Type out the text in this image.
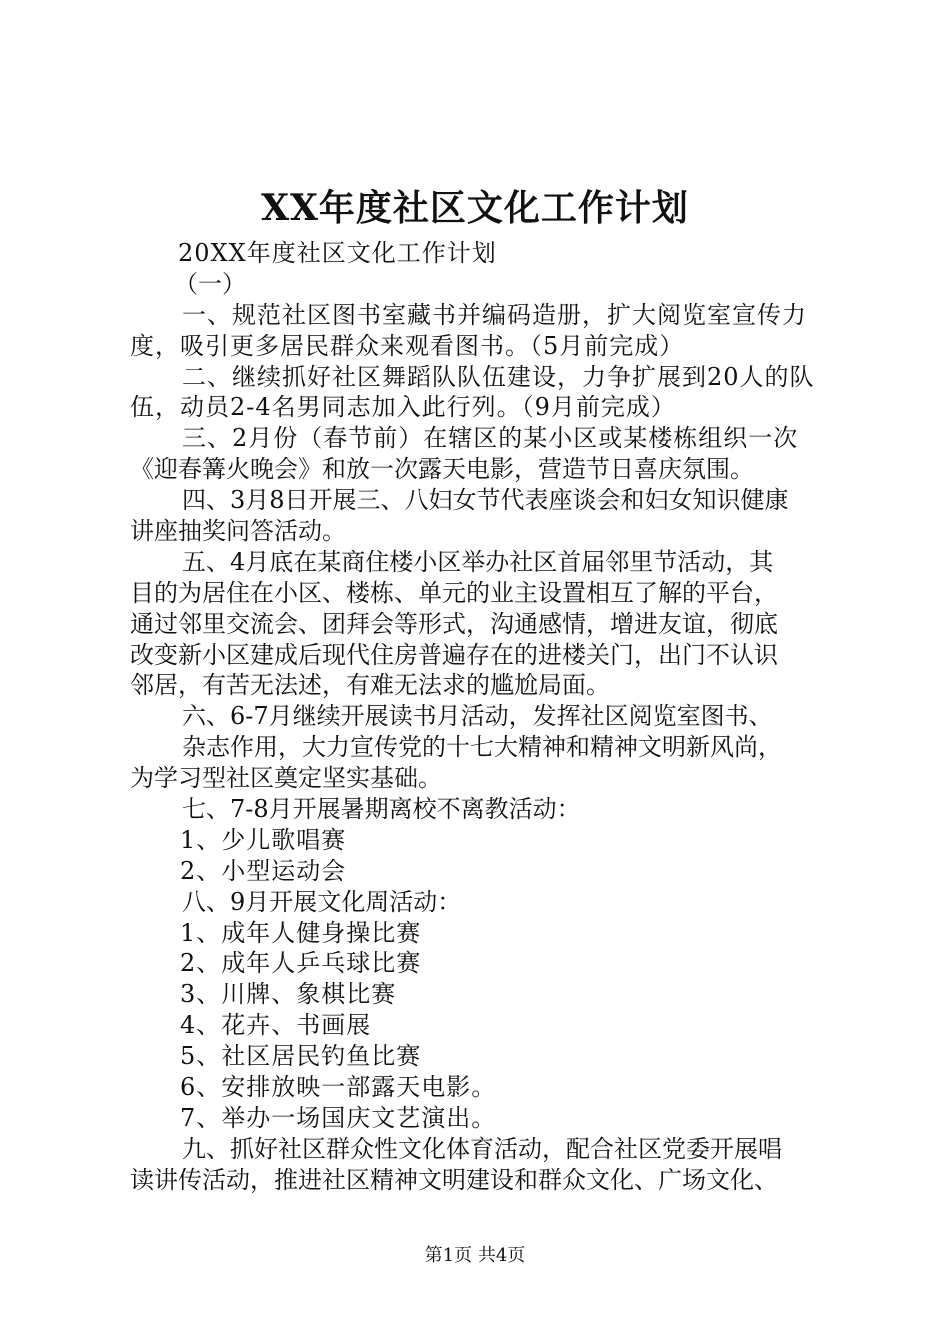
XX年度社区文化工作计划
20XX年度社区文化工作计划
（一）
一、规范社区图书室藏书并编码造册，扩大阅览室宣传力
度，吸引更多居民群众来观看图书。（5月前完成）
二、继续抓好社区舞蹈队队伍建设，力争扩展到20人的队
伍，动员2-4名男同志加入此行列。（9月前完成）
三、2月份（春节前）在辖区的某小区或某楼栋组织一次
《迎春篝火晚会》和放一次露天电影，营造节日喜庆氛围。
四、3月8日开展三、八妇女节代表座谈会和妇女知识健康
讲座抽奖问答活动。
五、4月底在某商住楼小区举办社区首届邻里节活动，其
目的为居住在小区、楼栋、单元的业主设置相互了解的平台，
通过邻里交流会、团拜会等形式，沟通感情，增进友谊，彻底
改变新小区建成后现代住房普遍存在的进楼关门，出门不认识
邻居，有苦无法述，有难无法求的尴尬局面。
六、6-7月继续开展读书月活动，发挥社区阅览室图书、
杂志作用，大力宣传党的十七大精神和精神文明新风尚，
为学习型社区奠定坚实基础。
七、7-8月开展暑期离校不离教活动：
1、少儿歌唱赛
2、小型运动会
八、9月开展文化周活动：
1、成年人健身操比赛
2、成年人乒乓球比赛
3、川牌、象棋比赛
4、花卉、书画展
5、社区居民钓鱼比赛
6、安排放映一部露天电影。
7、举办一场国庆文艺演出。
九、抓好社区群众性文化体育活动，配合社区党委开展唱
读讲传活动，推进社区精神文明建设和群众文化、广场文化、
第1页 共4页
